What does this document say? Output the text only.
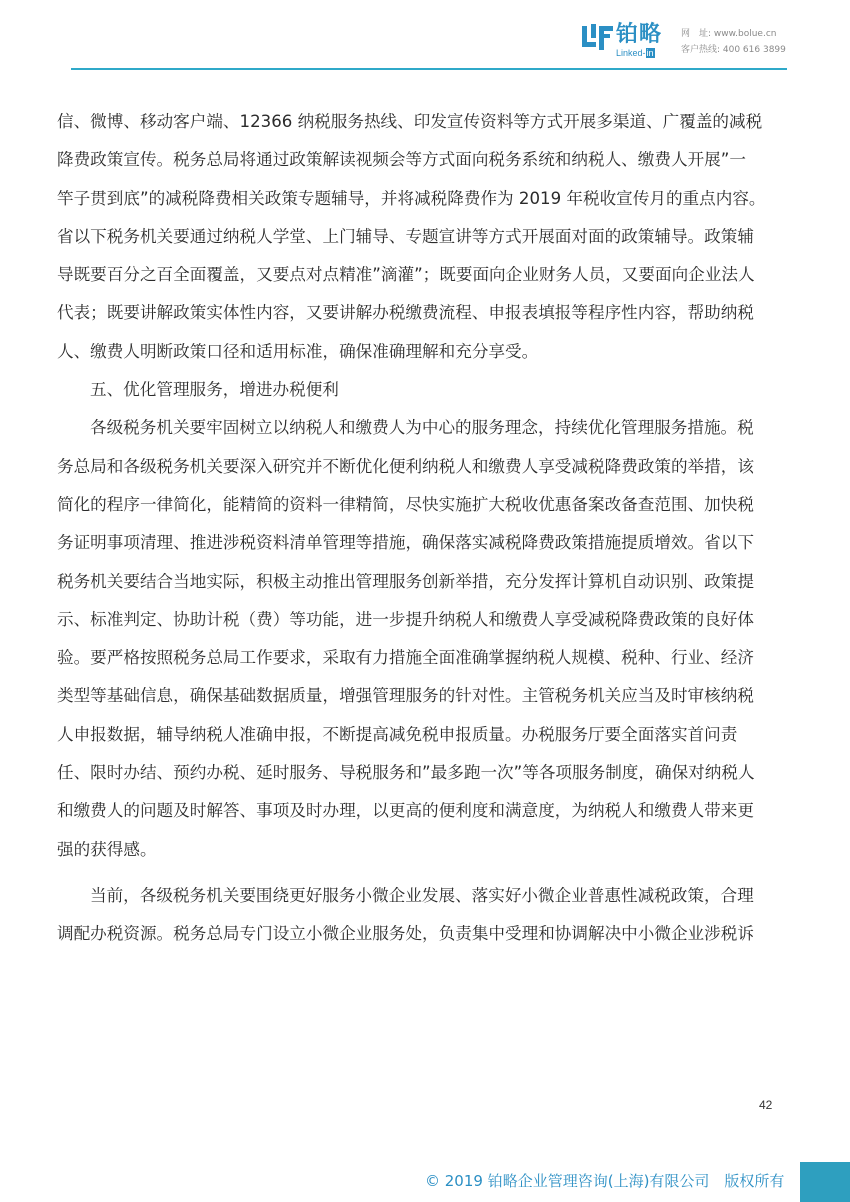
铂略
Linked-in
网　址: www.bolue.cn
客户热线: 400 616 3899

信、微博、移动客户端、12366 纳税服务热线、印发宣传资料等方式开展多渠道、广覆盖的减税
降费政策宣传。税务总局将通过政策解读视频会等方式面向税务系统和纳税人、缴费人开展”一
竿子贯到底”的减税降费相关政策专题辅导，并将减税降费作为 2019 年税收宣传月的重点内容。
省以下税务机关要通过纳税人学堂、上门辅导、专题宣讲等方式开展面对面的政策辅导。政策辅
导既要百分之百全面覆盖，又要点对点精准”滴灌”；既要面向企业财务人员，又要面向企业法人
代表；既要讲解政策实体性内容，又要讲解办税缴费流程、申报表填报等程序性内容，帮助纳税
人、缴费人明断政策口径和适用标准，确保准确理解和充分享受。

五、优化管理服务，增进办税便利

各级税务机关要牢固树立以纳税人和缴费人为中心的服务理念，持续优化管理服务措施。税
务总局和各级税务机关要深入研究并不断优化便利纳税人和缴费人享受减税降费政策的举措，该
简化的程序一律简化，能精简的资料一律精简，尽快实施扩大税收优惠备案改备查范围、加快税
务证明事项清理、推进涉税资料清单管理等措施，确保落实减税降费政策措施提质增效。省以下
税务机关要结合当地实际，积极主动推出管理服务创新举措，充分发挥计算机自动识别、政策提
示、标准判定、协助计税（费）等功能，进一步提升纳税人和缴费人享受减税降费政策的良好体
验。要严格按照税务总局工作要求，采取有力措施全面准确掌握纳税人规模、税种、行业、经济
类型等基础信息，确保基础数据质量，增强管理服务的针对性。主管税务机关应当及时审核纳税
人申报数据，辅导纳税人准确申报，不断提高减免税申报质量。办税服务厅要全面落实首问责
任、限时办结、预约办税、延时服务、导税服务和”最多跑一次”等各项服务制度，确保对纳税人
和缴费人的问题及时解答、事项及时办理，以更高的便利度和满意度，为纳税人和缴费人带来更
强的获得感。

当前，各级税务机关要围绕更好服务小微企业发展、落实好小微企业普惠性减税政策，合理
调配办税资源。税务总局专门设立小微企业服务处，负责集中受理和协调解决中小微企业涉税诉

42
© 2019 铂略企业管理咨询(上海)有限公司　版权所有
